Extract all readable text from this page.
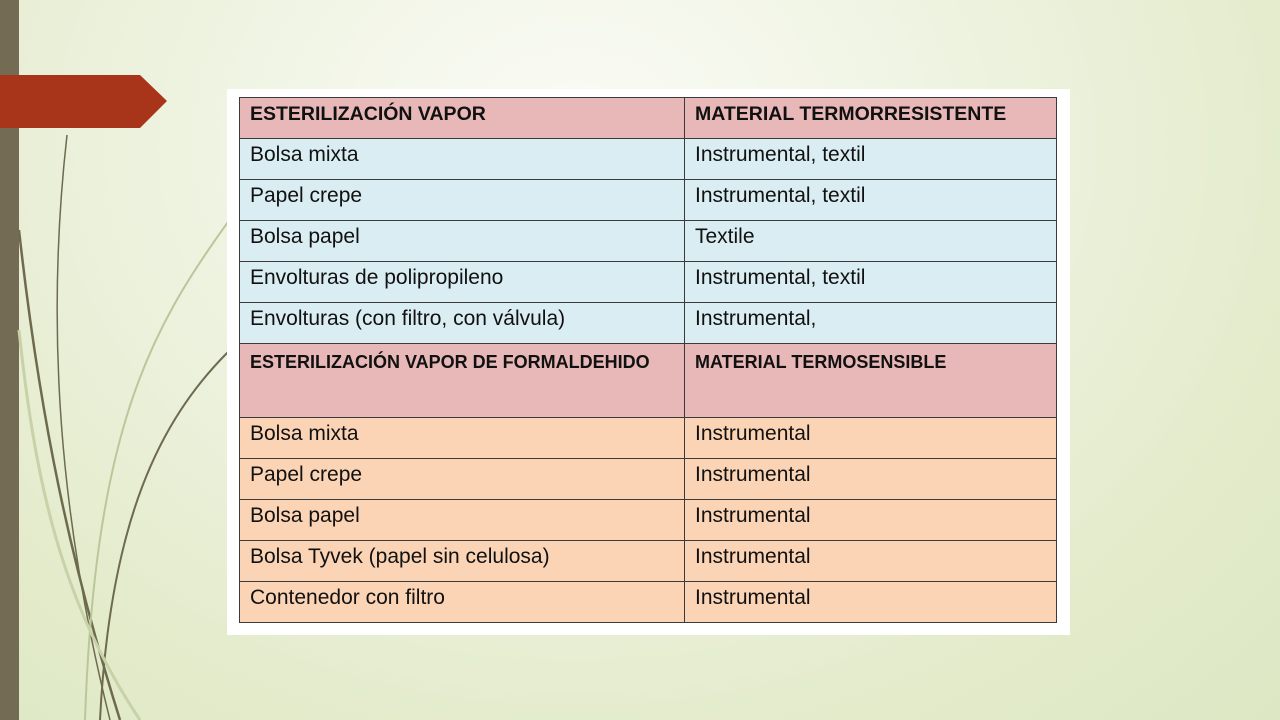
ESTERILIZACIÓN VAPOR	MATERIAL TERMORRESISTENTE
Bolsa mixta	Instrumental, textil
Papel crepe	Instrumental, textil
Bolsa papel	Textile
Envolturas de polipropileno	Instrumental, textil
Envolturas (con filtro, con válvula)	Instrumental,
ESTERILIZACIÓN VAPOR DE FORMALDEHIDO	MATERIAL TERMOSENSIBLE
Bolsa mixta	Instrumental
Papel crepe	Instrumental
Bolsa papel	Instrumental
Bolsa Tyvek (papel sin celulosa)	Instrumental
Contenedor con filtro	Instrumental
